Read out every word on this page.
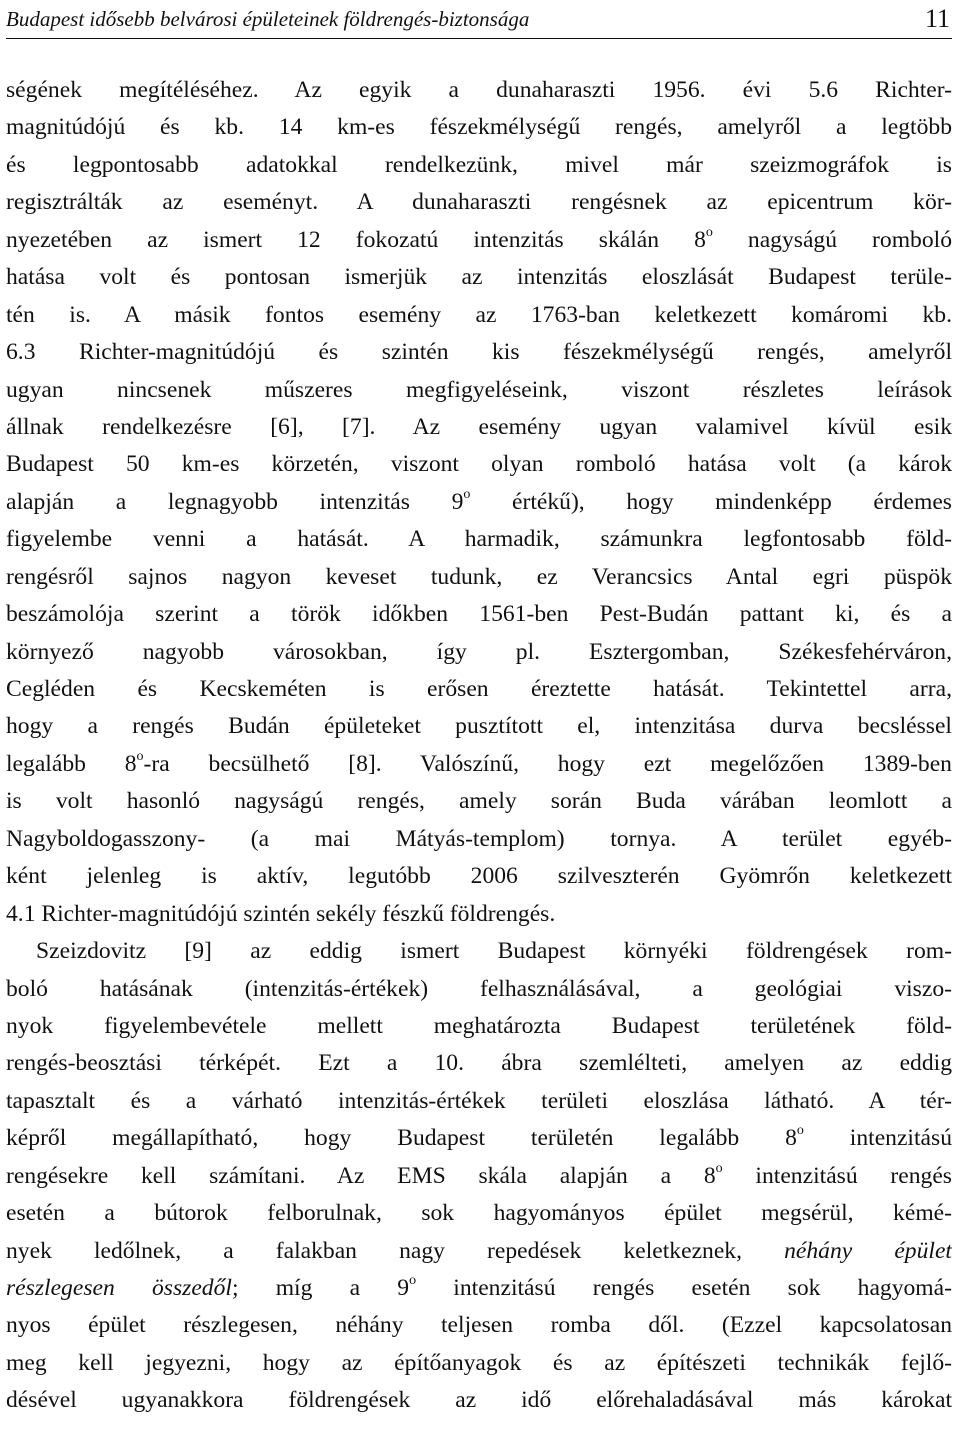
Budapest idősebb belvárosi épületeinek földrengés-biztonsága	11
ségének megítéléséhez. Az egyik a dunaharaszti 1956. évi 5.6 Richter-
magnitúdójú és kb. 14 km-es fészekmélységű rengés, amelyről a legtöbb
és legpontosabb adatokkal rendelkezünk, mivel már szeizmográfok is
regisztrálták az eseményt. A dunaharaszti rengésnek az epicentrum kör-
nyezetében az ismert 12 fokozatú intenzitás skálán 8$^o$ nagyságú romboló
hatása volt és pontosan ismerjük az intenzitás eloszlását Budapest terüle-
tén is. A másik fontos esemény az 1763-ban keletkezett komáromi kb.
6.3 Richter-magnitúdójú és szintén kis fészekmélységű rengés, amelyről
ugyan nincsenek műszeres megfigyeléseink, viszont részletes leírások
állnak rendelkezésre [6], [7]. Az esemény ugyan valamivel kívül esik
Budapest 50 km-es körzetén, viszont olyan romboló hatása volt (a károk
alapján a legnagyobb intenzitás 9$^o$ értékű), hogy mindenképp érdemes
figyelembe venni a hatását. A harmadik, számunkra legfontosabb föld-
rengésről sajnos nagyon keveset tudunk, ez Verancsics Antal egri püspök
beszámolója szerint a török időkben 1561-ben Pest-Budán pattant ki, és a
környező nagyobb városokban, így pl. Esztergomban, Székesfehérváron,
Cegléden és Kecskeméten is erősen éreztette hatását. Tekintettel arra,
hogy a rengés Budán épületeket pusztított el, intenzitása durva becsléssel
legalább 8$^o$-ra becsülhető [8]. Valószínű, hogy ezt megelőzően 1389-ben
is volt hasonló nagyságú rengés, amely során Buda várában leomlott a
Nagyboldogasszony- (a mai Mátyás-templom) tornya. A terület egyéb-
ként jelenleg is aktív, legutóbb 2006 szilveszterén Gyömrőn keletkezett
4.1 Richter-magnitúdójú szintén sekély fészkű földrengés.
Szeizdovitz [9] az eddig ismert Budapest környéki földrengések rom-
boló hatásának (intenzitás-értékek) felhasználásával, a geológiai viszo-
nyok figyelembevétele mellett meghatározta Budapest területének föld-
rengés-beosztási térképét. Ezt a 10. ábra szemlélteti, amelyen az eddig
tapasztalt és a várható intenzitás-értékek területi eloszlása látható. A tér-
képről megállapítható, hogy Budapest területén legalább 8$^o$ intenzitású
rengésekre kell számítani. Az EMS skála alapján a 8$^o$ intenzitású rengés
esetén a bútorok felborulnak, sok hagyományos épület megsérül, kémé-
nyek ledőlnek, a falakban nagy repedések keletkeznek, néhány épület
részlegesen összedől; míg a 9$^o$ intenzitású rengés esetén sok hagyomá-
nyos épület részlegesen, néhány teljesen romba dől. (Ezzel kapcsolatosan
meg kell jegyezni, hogy az építőanyagok és az építészeti technikák fejlő-
désével ugyanakkora földrengések az idő előrehaladásával más károkat
